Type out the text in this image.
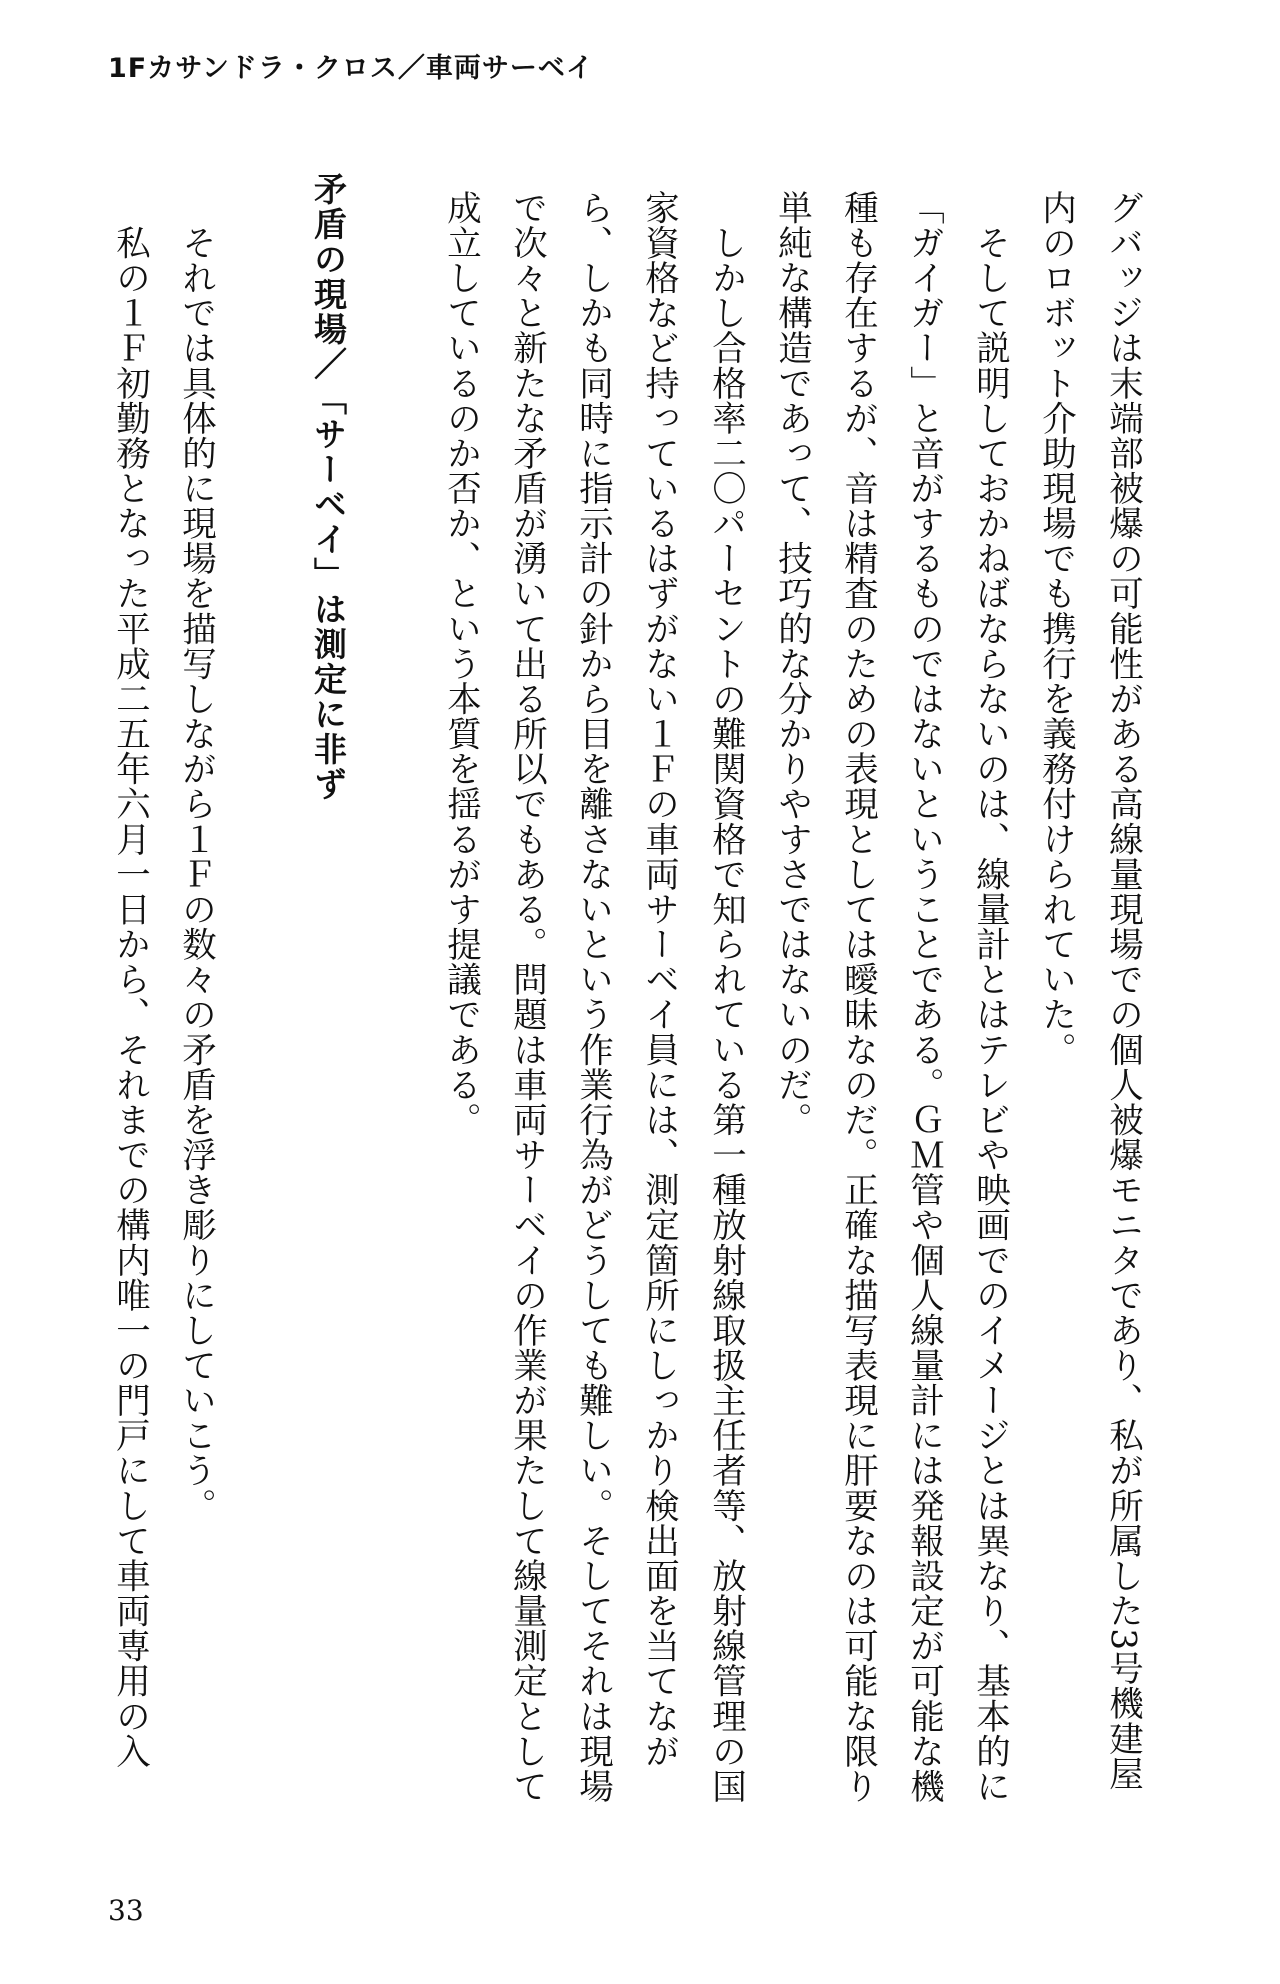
1Fカサンドラ・クロス／車両サーベイ
グバッジは末端部被爆の可能性がある高線量現場での個人被爆モニタであり、私が所属した3号機建屋
内のロボット介助現場でも携行を義務付けられていた。
　そして説明しておかねばならないのは、線量計とはテレビや映画でのイメージとは異なり、基本的に
「ガイガー」と音がするものではないということである。ＧＭ管や個人線量計には発報設定が可能な機
種も存在するが、音は精査のための表現としては曖昧なのだ。正確な描写表現に肝要なのは可能な限り
単純な構造であって、技巧的な分かりやすさではないのだ。
　しかし合格率二〇パーセントの難関資格で知られている第一種放射線取扱主任者等、放射線管理の国
家資格など持っているはずがない１Ｆの車両サーベイ員には、測定箇所にしっかり検出面を当てなが
ら、しかも同時に指示計の針から目を離さないという作業行為がどうしても難しい。そしてそれは現場
で次々と新たな矛盾が湧いて出る所以でもある。問題は車両サーベイの作業が果たして線量測定として
成立しているのか否か、という本質を揺るがす提議である。
矛盾の現場／「サーベイ」は測定に非ず
　それでは具体的に現場を描写しながら１Ｆの数々の矛盾を浮き彫りにしていこう。
　私の１Ｆ初勤務となった平成二五年六月一日から、それまでの構内唯一の門戸にして車両専用の入
33
